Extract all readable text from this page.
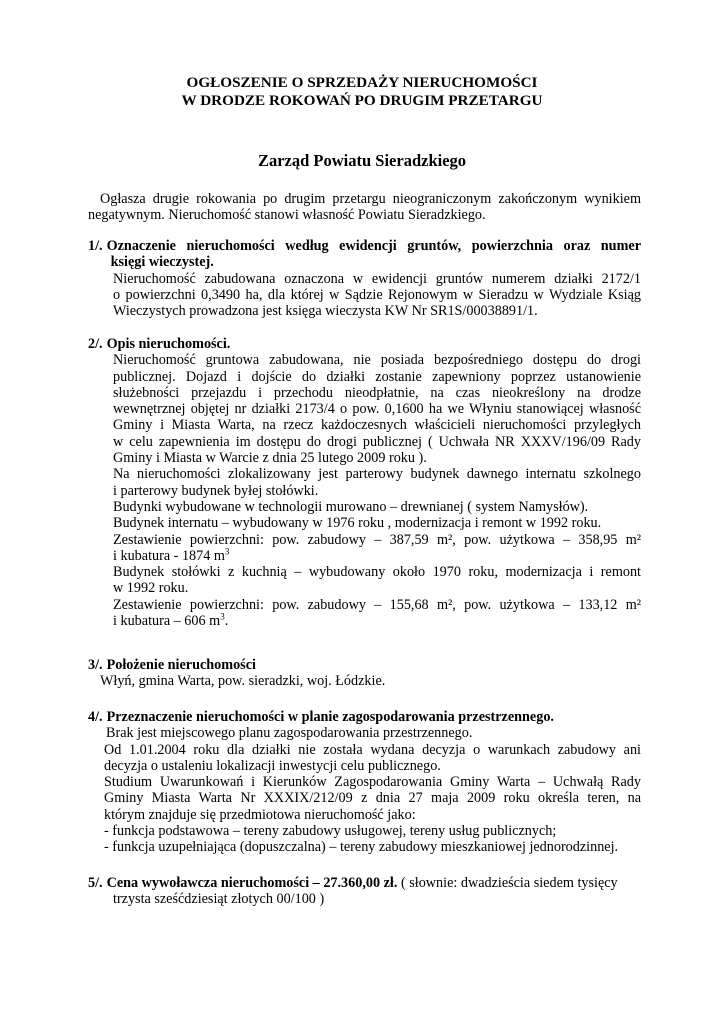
OGŁOSZENIE O SPRZEDAŻY NIERUCHOMOŚCI
W DRODZE ROKOWAŃ PO DRUGIM PRZETARGU
Zarząd Powiatu Sieradzkiego
Ogłasza drugie rokowania po drugim przetargu nieograniczonym zakończonym wynikiem
negatywnym. Nieruchomość stanowi własność Powiatu Sieradzkiego.
1/. Oznaczenie nieruchomości według ewidencji gruntów, powierzchnia oraz numer
księgi wieczystej.
Nieruchomość zabudowana oznaczona w ewidencji gruntów numerem działki 2172/1
o powierzchni 0,3490 ha, dla której w Sądzie Rejonowym w Sieradzu w Wydziale Ksiąg
Wieczystych prowadzona jest księga wieczysta KW Nr SR1S/00038891/1.
2/. Opis nieruchomości.
Nieruchomość gruntowa zabudowana, nie posiada bezpośredniego dostępu do drogi
publicznej. Dojazd i dojście do działki zostanie zapewniony poprzez ustanowienie
służebności przejazdu i przechodu nieodpłatnie, na czas nieokreślony na drodze
wewnętrznej objętej nr działki 2173/4 o pow. 0,1600 ha we Włyniu stanowiącej własność
Gminy i Miasta Warta, na rzecz każdoczesnych właścicieli nieruchomości przyległych
w celu zapewnienia im dostępu do drogi publicznej ( Uchwała NR XXXV/196/09 Rady
Gminy i Miasta w Warcie z dnia 25 lutego 2009 roku ).
Na nieruchomości zlokalizowany jest parterowy budynek dawnego internatu szkolnego
i parterowy budynek byłej stołówki.
Budynki wybudowane w technologii murowano – drewnianej ( system Namysłów).
Budynek internatu – wybudowany w 1976 roku , modernizacja i remont w 1992 roku.
Zestawienie powierzchni: pow. zabudowy – 387,59 m², pow. użytkowa – 358,95 m²
i kubatura - 1874 $m^3$
Budynek stołówki z kuchnią – wybudowany około 1970 roku, modernizacja i remont
w 1992 roku.
Zestawienie powierzchni: pow. zabudowy – 155,68 m², pow. użytkowa – 133,12 m²
i kubatura – 606 $m^3$.
3/. Położenie nieruchomości
Włyń, gmina Warta, pow. sieradzki, woj. Łódzkie.
4/. Przeznaczenie nieruchomości w planie zagospodarowania przestrzennego.
Brak jest miejscowego planu zagospodarowania przestrzennego.
Od 1.01.2004 roku dla działki nie została wydana decyzja o warunkach zabudowy ani
decyzja o ustaleniu lokalizacji inwestycji celu publicznego.
Studium Uwarunkowań i Kierunków Zagospodarowania Gminy Warta – Uchwałą Rady
Gminy Miasta Warta Nr XXXIX/212/09 z dnia 27 maja 2009 roku określa teren, na
którym znajduje się przedmiotowa nieruchomość jako:
- funkcja podstawowa – tereny zabudowy usługowej, tereny usług publicznych;
- funkcja uzupełniająca (dopuszczalna) – tereny zabudowy mieszkaniowej jednorodzinnej.
5/. Cena wywoławcza nieruchomości – 27.360,00 zł. ( słownie: dwadzieścia siedem tysięcy
trzysta sześćdziesiąt złotych 00/100 )
